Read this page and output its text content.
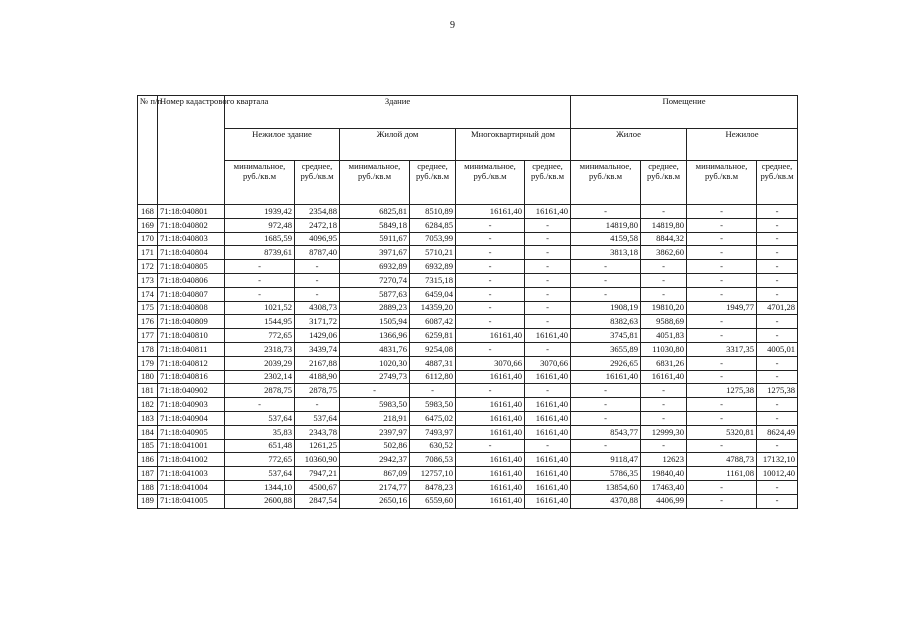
9
№ п/п	Номер кадастрового квартала	Здание						Помещение			
		Нежилое здание		Жилой дом		Многоквартирный дом		Жилое		Нежилое	
		минимальное, руб./кв.м	среднее, руб./кв.м	минимальное, руб./кв.м	среднее, руб./кв.м	минимальное, руб./кв.м	среднее, руб./кв.м	минимальное, руб./кв.м	среднее, руб./кв.м	минимальное, руб./кв.м	среднее, руб./кв.м
168	71:18:040801	1939,42	2354,88	6825,81	8510,89	16161,40	16161,40	-	-	-	-
169	71:18:040802	972,48	2472,18	5849,18	6284,85	-	-	14819,80	14819,80	-	-
170	71:18:040803	1685,59	4096,95	5911,67	7053,99	-	-	4159,58	8844,32	-	-
171	71:18:040804	8739,61	8787,40	3971,67	5710,21	-	-	3813,18	3862,60	-	-
172	71:18:040805	-	-	6932,89	6932,89	-	-	-	-	-	-
173	71:18:040806	-	-	7270,74	7315,18	-	-	-	-	-	-
174	71:18:040807	-	-	5877,63	6459,04	-	-	-	-	-	-
175	71:18:040808	1021,52	4308,73	2889,23	14359,20	-	-	1908,19	19810,20	1949,77	4701,28
176	71:18:040809	1544,95	3171,72	1505,94	6087,42	-	-	8382,63	9588,69	-	-
177	71:18:040810	772,65	1429,06	1366,96	6259,81	16161,40	16161,40	3745,81	4051,83	-	-
178	71:18:040811	2318,73	3439,74	4831,76	9254,08	-	-	3655,89	11030,80	3317,35	4005,01
179	71:18:040812	2039,29	2167,88	1020,30	4887,31	3070,66	3070,66	2926,65	6831,26	-	-
180	71:18:040816	2302,14	4188,90	2749,73	6112,80	16161,40	16161,40	16161,40	16161,40	-	-
181	71:18:040902	2878,75	2878,75	-	-	-	-	-	-	1275,38	1275,38
182	71:18:040903	-	-	5983,50	5983,50	16161,40	16161,40	-	-	-	-
183	71:18:040904	537,64	537,64	218,91	6475,02	16161,40	16161,40	-	-	-	-
184	71:18:040905	35,83	2343,78	2397,97	7493,97	16161,40	16161,40	8543,77	12999,30	5320,81	8624,49
185	71:18:041001	651,48	1261,25	502,86	630,52	-	-	-	-	-	-
186	71:18:041002	772,65	10360,90	2942,37	7086,53	16161,40	16161,40	9118,47	12623	4788,73	17132,10
187	71:18:041003	537,64	7947,21	867,09	12757,10	16161,40	16161,40	5786,35	19840,40	1161,08	10012,40
188	71:18:041004	1344,10	4500,67	2174,77	8478,23	16161,40	16161,40	13854,60	17463,40	-	-
189	71:18:041005	2600,88	2847,54	2650,16	6559,60	16161,40	16161,40	4370,88	4406,99	-	-
